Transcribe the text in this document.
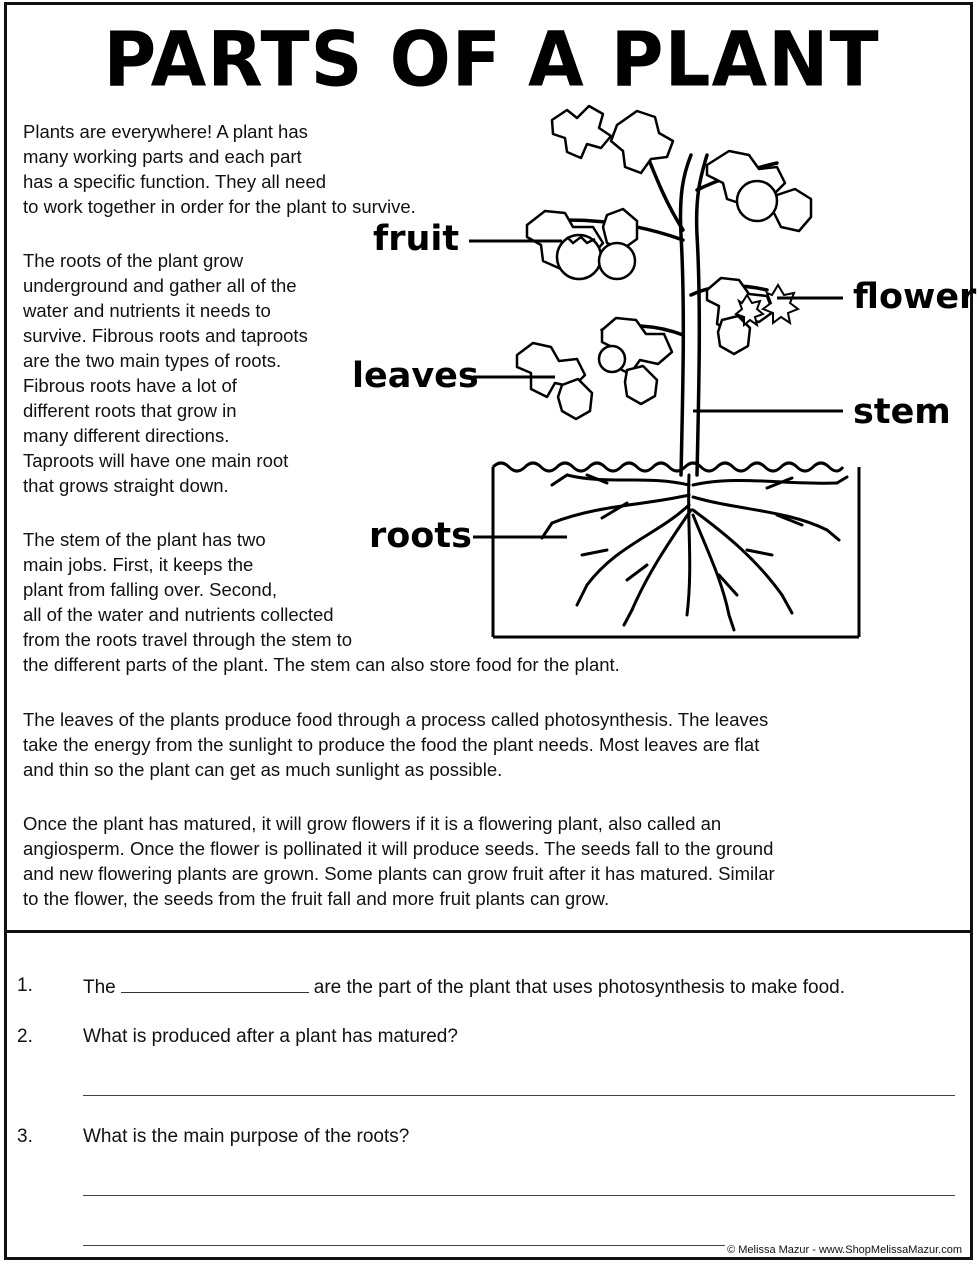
PARTS OF A PLANT

Plants are everywhere! A plant has
many working parts and each part
has a specific function. They all need
to work together in order for the plant to survive.

The roots of the plant grow
underground and gather all of the
water and nutrients it needs to
survive. Fibrous roots and taproots
are the two main types of roots.
Fibrous roots have a lot of
different roots that grow in
many different directions.
Taproots will have one main root
that grows straight down.

The stem of the plant has two
main jobs. First, it keeps the
plant from falling over. Second,
all of the water and nutrients collected
from the roots travel through the stem to
the different parts of the plant. The stem can also store food for the plant.

The leaves of the plants produce food through a process called photosynthesis. The leaves
take the energy from the sunlight to produce the food the plant needs. Most leaves are flat
and thin so the plant can get as much sunlight as possible.

Once the plant has matured, it will grow flowers if it is a flowering plant, also called an
angiosperm. Once the flower is pollinated it will produce seeds. The seeds fall to the ground
and new flowering plants are grown. Some plants can grow fruit after it has matured. Similar
to the flower, the seeds from the fruit fall and more fruit plants can grow.

fruit
flower
leaves
stem
roots
1.	The	are the part of the plant that uses photosynthesis to make food.
2.	What is produced after a plant has matured?
3.	What is the main purpose of the roots?
© Melissa Mazur - www.ShopMelissaMazur.com
